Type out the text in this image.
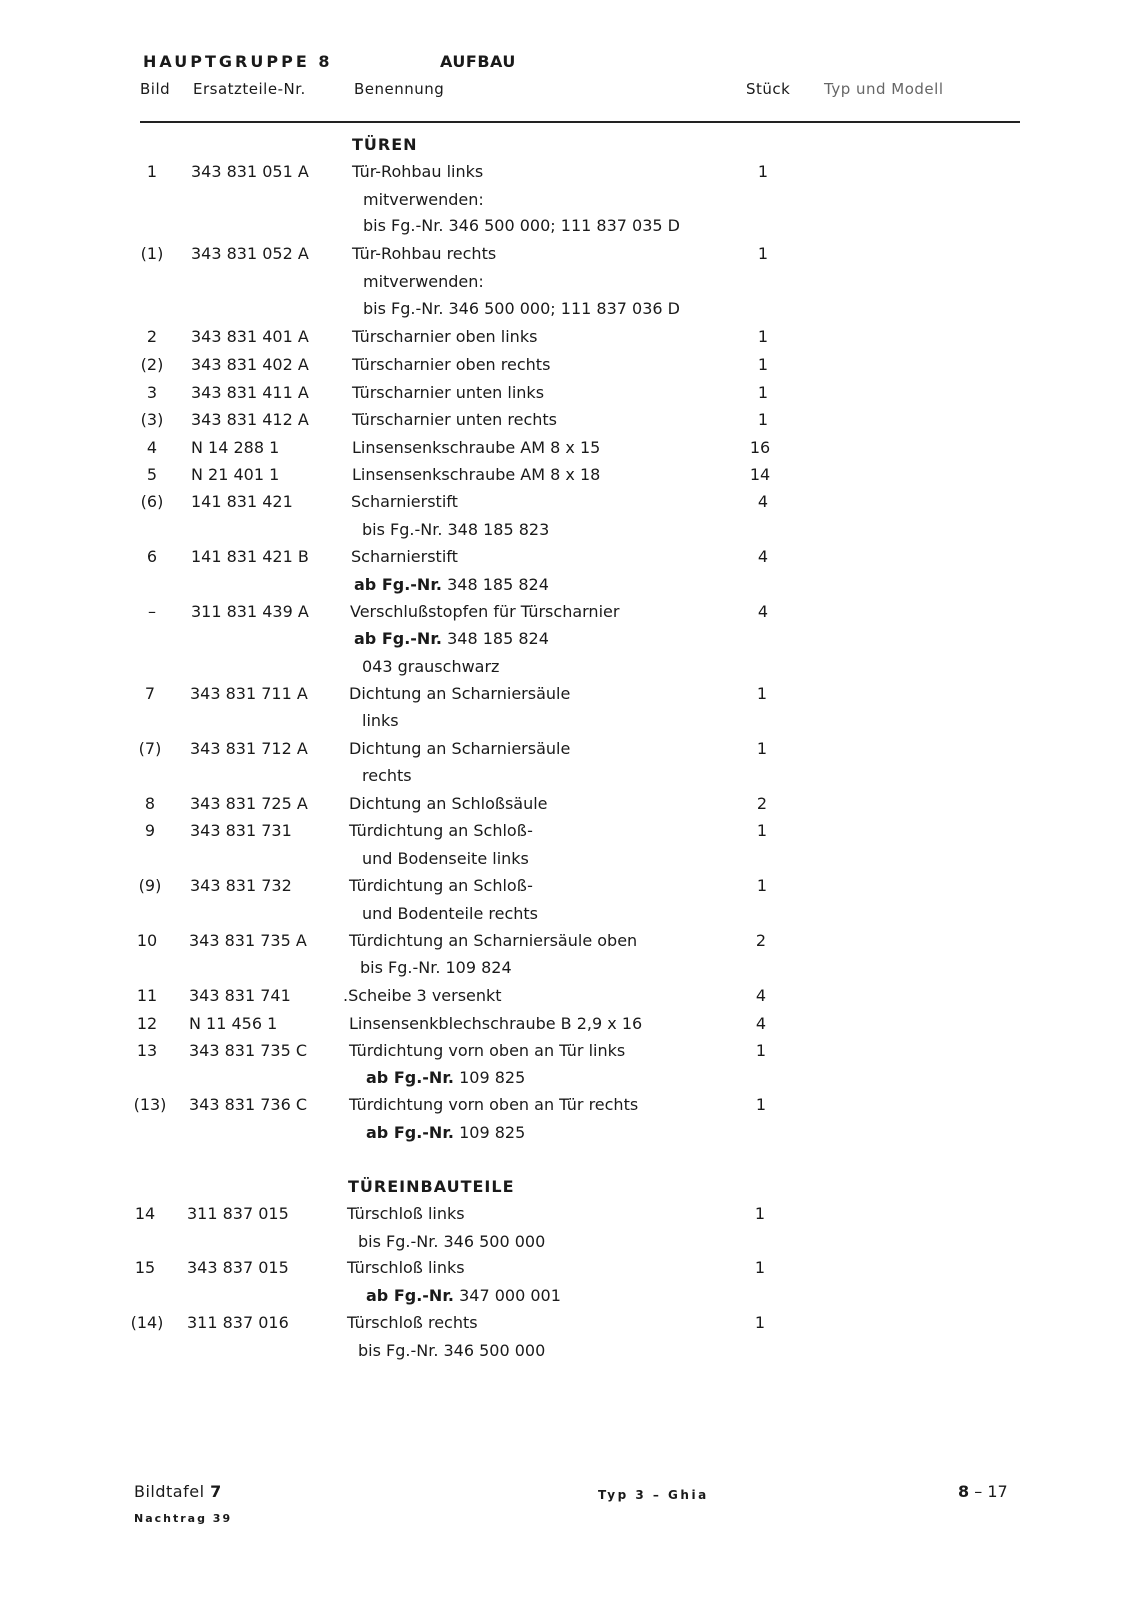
HAUPTGRUPPE 8	AUFBAU
Bild Ersatzteile-Nr.	Benennung	Stück Typ und Modell
TÜREN
1	343 831 051 A	Tür-Rohbau links	1
mitverwenden:
bis Fg.-Nr. 346 500 000; 111 837 035 D
(1)	343 831 052 A	Tür-Rohbau rechts	1
mitverwenden:
bis Fg.-Nr. 346 500 000; 111 837 036 D
2	343 831 401 A	Türscharnier oben links	1
(2)	343 831 402 A	Türscharnier oben rechts	1
3	343 831 411 A	Türscharnier unten links	1
(3)	343 831 412 A	Türscharnier unten rechts	1
4	N 14 288 1	Linsensenkschraube AM 8 x 15	16
5	N 21 401 1	Linsensenkschraube AM 8 x 18	14
(6)	141 831 421	Scharnierstift	4
bis Fg.-Nr. 348 185 823
6	141 831 421 B	Scharnierstift	4
ab Fg.-Nr. 348 185 824
–	311 831 439 A	Verschlußstopfen für Türscharnier	4
ab Fg.-Nr. 348 185 824
043 grauschwarz
7	343 831 711 A	Dichtung an Scharniersäule	1
links
(7)	343 831 712 A	Dichtung an Scharniersäule	1
rechts
8	343 831 725 A	Dichtung an Schloßsäule	2
9	343 831 731	Türdichtung an Schloß-	1
und Bodenseite links
(9)	343 831 732	Türdichtung an Schloß-	1
und Bodenteile rechts
10	343 831 735 A	Türdichtung an Scharniersäule oben	2
bis Fg.-Nr. 109 824
11	343 831 741	.Scheibe 3 versenkt	4
12	N 11 456 1	Linsensenkblechschraube B 2,9 x 16	4
13	343 831 735 C	Türdichtung vorn oben an Tür links	1
ab Fg.-Nr. 109 825
(13)	343 831 736 C	Türdichtung vorn oben an Tür rechts	1
ab Fg.-Nr. 109 825
TÜREINBAUTEILE
14	311 837 015	Türschloß links	1
bis Fg.-Nr. 346 500 000
15	343 837 015	Türschloß links	1
ab Fg.-Nr. 347 000 001
(14)	311 837 016	Türschloß rechts	1
bis Fg.-Nr. 346 500 000
Bildtafel 7
Nachtrag 39
Typ 3 – Ghia	8 – 17
